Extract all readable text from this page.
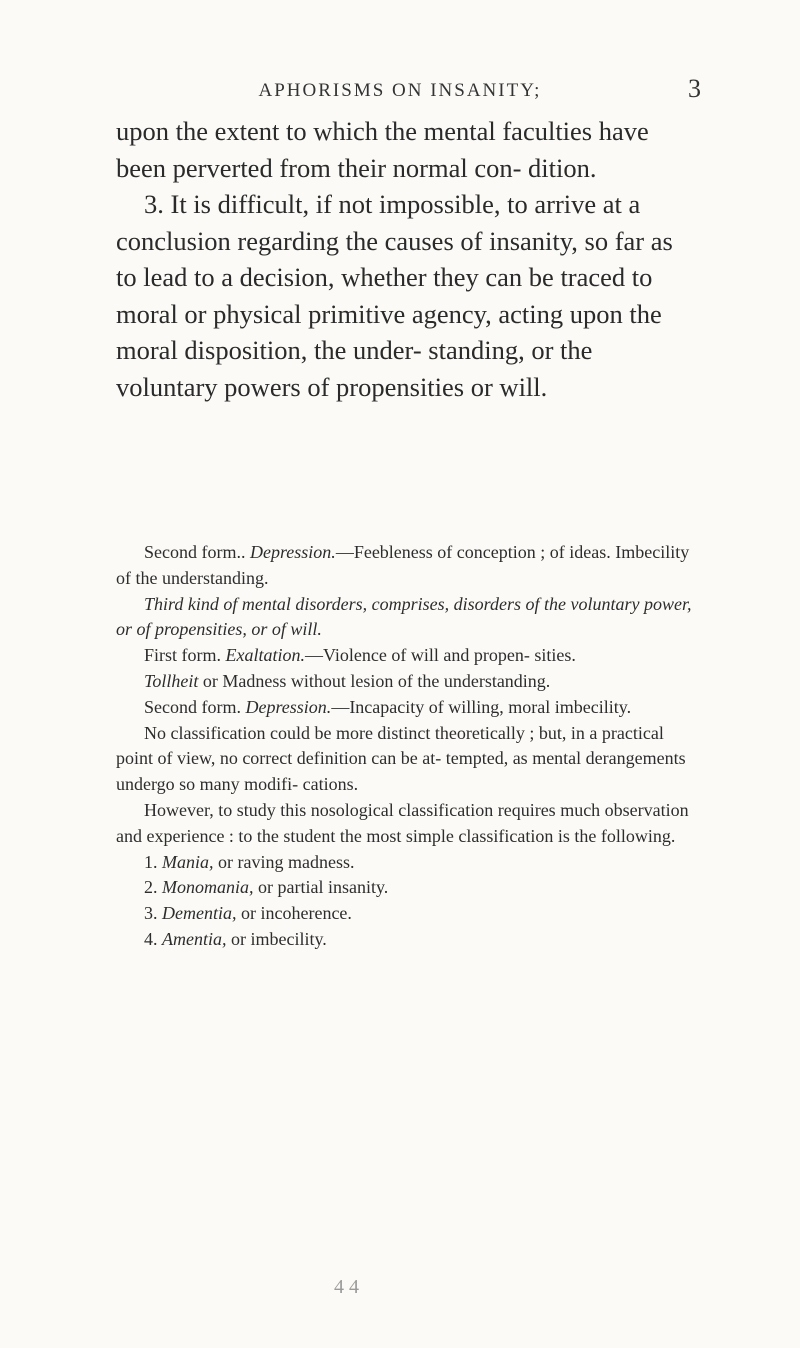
APHORISMS ON INSANITY;	3

upon the extent to which the mental faculties have been perverted from their normal con- dition.

3. It is difficult, if not impossible, to arrive at a conclusion regarding the causes of insanity, so far as to lead to a decision, whether they can be traced to moral or physical primitive agency, acting upon the moral disposition, the under- standing, or the voluntary powers of propensities or will.

Second form.. Depression.—Feebleness of conception ; of ideas. Imbecility of the understanding.

Third kind of mental disorders, comprises, disorders of the voluntary power, or of propensities, or of will.

First form. Exaltation.—Violence of will and propen- sities.

Tollheit or Madness without lesion of the understanding.

Second form. Depression.—Incapacity of willing, moral imbecility.

No classification could be more distinct theoretically ; but, in a practical point of view, no correct definition can be at- tempted, as mental derangements undergo so many modifi- cations.

However, to study this nosological classification requires much observation and experience : to the student the most simple classification is the following.

1. Mania, or raving madness.

2. Monomania, or partial insanity.

3. Dementia, or incoherence.

4. Amentia, or imbecility.

4 4
